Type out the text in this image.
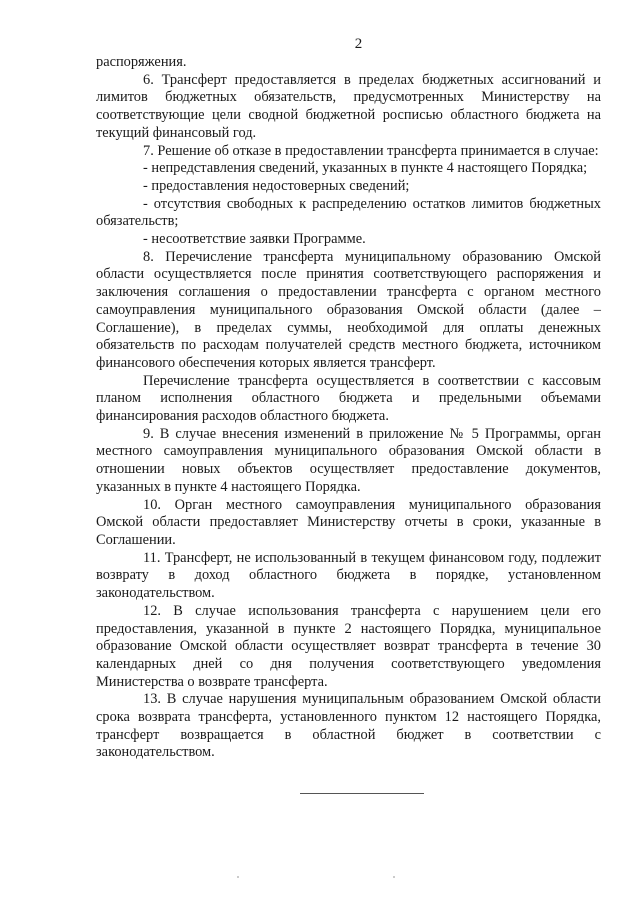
2

распоряжения.

6. Трансферт предоставляется в пределах бюджетных ассигнований и лимитов бюджетных обязательств, предусмотренных Министерству на соответствующие цели сводной бюджетной росписью областного бюджета на текущий финансовый год.

7. Решение об отказе в предоставлении трансферта принимается в случае:

- непредставления сведений, указанных в пункте 4 настоящего Порядка;

- предоставления недостоверных сведений;

- отсутствия свободных к распределению остатков лимитов бюджетных обязательств;

- несоответствие заявки Программе.

8. Перечисление трансферта муниципальному образованию Омской области осуществляется после принятия соответствующего распоряжения и заключения соглашения о предоставлении трансферта с органом местного самоуправления муниципального образования Омской области (далее – Соглашение), в пределах суммы, необходимой для оплаты денежных обязательств по расходам получателей средств местного бюджета, источником финансового обеспечения которых является трансферт.

Перечисление трансферта осуществляется в соответствии с кассовым планом исполнения областного бюджета и предельными объемами финансирования расходов областного бюджета.

9. В случае внесения изменений в приложение № 5 Программы, орган местного самоуправления муниципального образования Омской области в отношении новых объектов осуществляет предоставление документов, указанных в пункте 4 настоящего Порядка.

10. Орган местного самоуправления муниципального образования Омской области предоставляет Министерству отчеты в сроки, указанные в Соглашении.

11. Трансферт, не использованный в текущем финансовом году, подлежит возврату в доход областного бюджета в порядке, установленном законодательством.

12. В случае использования трансферта с нарушением цели его предоставления, указанной в пункте 2 настоящего Порядка, муниципальное образование Омской области осуществляет возврат трансферта в течение 30 календарных дней со дня получения соответствующего уведомления Министерства о возврате трансферта.

13. В случае нарушения муниципальным образованием Омской области срока возврата трансферта, установленного пунктом 12 настоящего Порядка, трансферт возвращается в областной бюджет в соответствии с законодательством.
